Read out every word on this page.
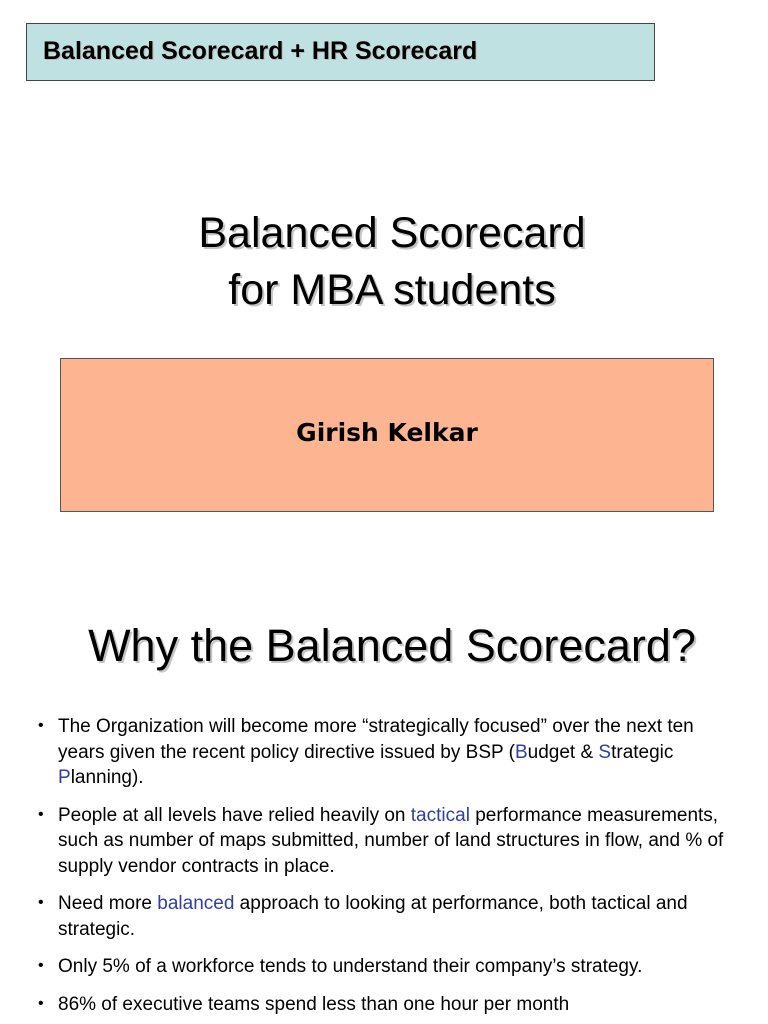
Balanced Scorecard + HR Scorecard
Balanced Scorecard
for MBA students
Girish Kelkar
Why the Balanced Scorecard?
• The Organization will become more “strategically focused” over the next ten years given the recent policy directive issued by BSP (Budget & Strategic Planning).
• People at all levels have relied heavily on tactical performance measurements, such as number of maps submitted, number of land structures in flow, and % of supply vendor contracts in place.
• Need more balanced approach to looking at performance, both tactical and strategic.
• Only 5% of a workforce tends to understand their company’s strategy.
• 86% of executive teams spend less than one hour per month
